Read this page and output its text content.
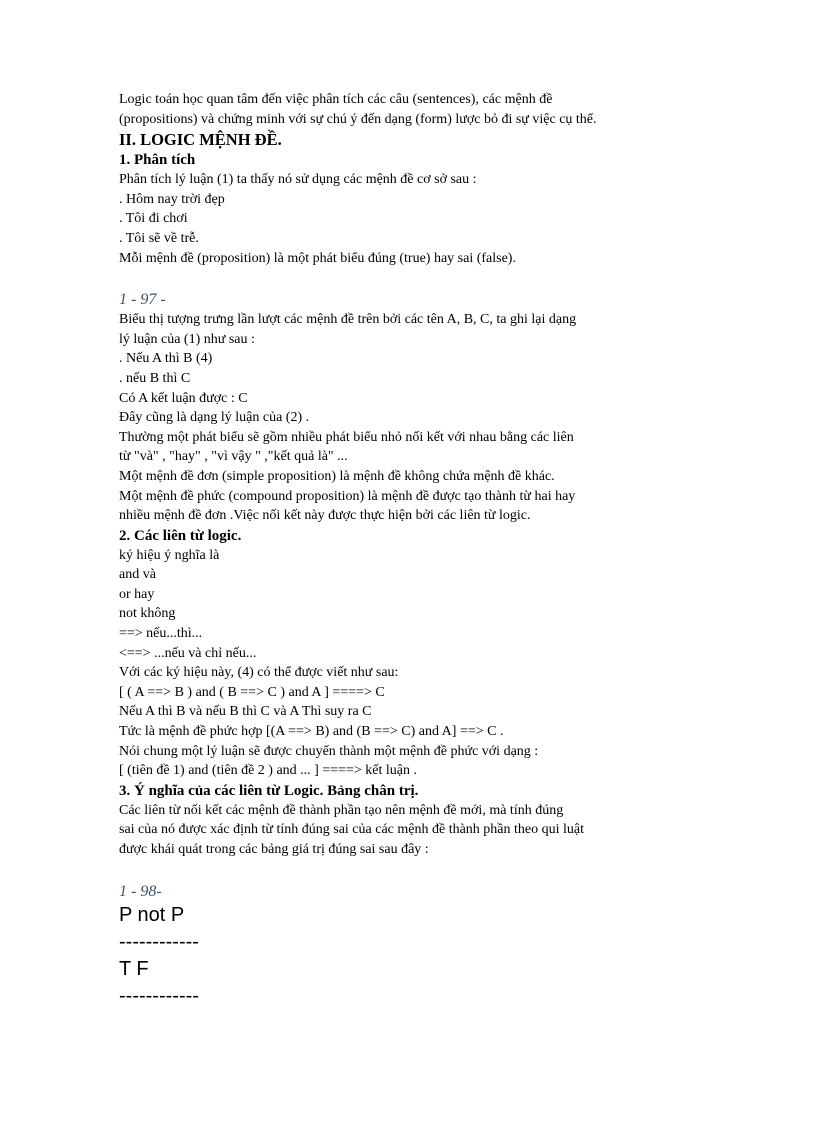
Logic toán học quan tâm đến việc phân tích các câu (sentences), các mệnh đề
(propositions) và chứng minh với sự chú ý đến dạng (form) lược bỏ đi sự việc cụ thể.
II. LOGIC MỆNH ĐỀ.
1. Phân tích
Phân tích lý luận (1) ta thấy nó sử dụng các mệnh đề cơ sở sau :
. Hôm nay trời đẹp
. Tôi đi chơi
. Tôi sẽ về trễ.
Mỗi mệnh đề (proposition) là một phát biểu đúng (true) hay sai (false).
1 - 97 -
Biểu thị tượng trưng lần lượt các mệnh đề trên bởi các tên A, B, C, ta ghi lại dạng
lý luận của (1) như sau :
. Nếu A thì B (4)
. nếu B thì C
Có A kết luận được : C
Đây cũng là dạng lý luận của (2) .
Thường một phát biểu sẽ gồm nhiều phát biểu nhỏ nối kết với nhau bằng các liên
từ "và" , "hay" , "vì vậy " ,"kết quả là" ...
Một mệnh đề đơn (simple proposition) là mệnh đề không chứa mệnh đề khác.
Một mệnh đề phức (compound proposition) là mệnh đề được tạo thành từ hai hay
nhiều mệnh đề đơn .Việc nối kết này được thực hiện bởi các liên từ logic.
2. Các liên từ logic.
ký hiệu ý nghĩa là
and và
or hay
not không
==> nếu...thì...
<==> ...nếu và chỉ nếu...
Với các ký hiệu này, (4) có thể được viết như sau:
[ ( A ==> B ) and ( B ==> C ) and A ] ====> C
Nếu A thì B và nếu B thì C và A Thì suy ra C
Tức là mệnh đề phức hợp [(A ==> B) and (B ==> C) and A] ==> C .
Nói chung một lý luận sẽ được chuyển thành một mệnh đề phức với dạng :
[ (tiên đề 1) and (tiên đề 2 ) and ... ] ====> kết luận .
3. Ý nghĩa của các liên từ Logic. Bảng chân trị.
Các liên từ nối kết các mệnh đề thành phần tạo nên mệnh đề mới, mà tính đúng
sai của nó được xác định từ tính đúng sai của các mệnh đề thành phần theo qui luật
được khái quát trong các bảng giá trị đúng sai sau đây :
1 - 98-
P not P
------------
T F
------------
